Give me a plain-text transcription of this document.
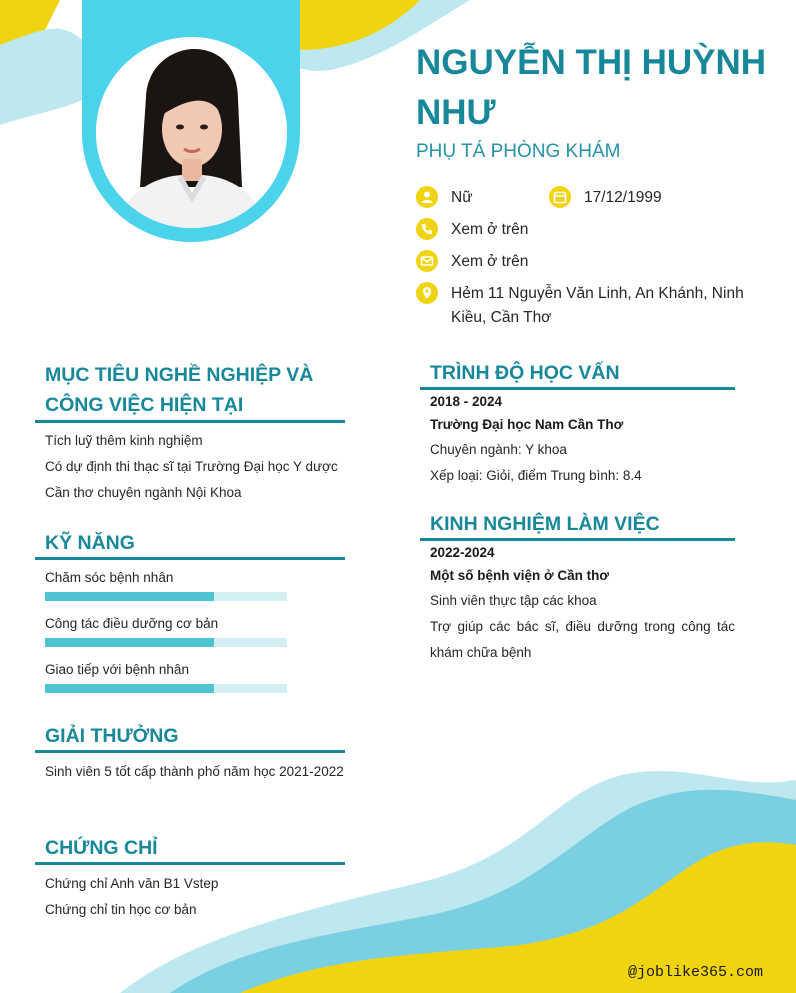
NGUYỄN THỊ HUỲNH NHƯ

PHỤ TÁ PHÒNG KHÁM

Nữ	17/12/1999
Xem ở trên
Xem ở trên
Hẻm 11 Nguyễn Văn Linh, An Khánh, Ninh Kiều, Cần Thơ
MỤC TIÊU NGHỀ NGHIỆP VÀ CÔNG VIỆC HIỆN TẠI

Tích luỹ thêm kinh nghiệm

Có dự định thi thạc sĩ tại Trường Đại học Y dược Cần thơ chuyên ngành Nội Khoa

KỸ NĂNG
Chăm sóc bệnh nhân
Công tác điều dưỡng cơ bản
Giao tiếp với bệnh nhân
GIẢI THƯỞNG

Sinh viên 5 tốt cấp thành phố năm học 2021-2022

CHỨNG CHỈ

Chứng chỉ Anh văn B1 Vstep

Chứng chỉ tin học cơ bản

TRÌNH ĐỘ HỌC VẤN
2018 - 2024
Trường Đại học Nam Cần Thơ

Chuyên ngành: Y khoa

Xếp loại: Giỏi, điểm Trung bình: 8.4

KINH NGHIỆM LÀM VIỆC
2022-2024
Một số bệnh viện ở Cần thơ

Sinh viên thực tập các khoa

Trợ giúp các bác sĩ, điều dưỡng trong công tác khám chữa bệnh

@joblike365.com
